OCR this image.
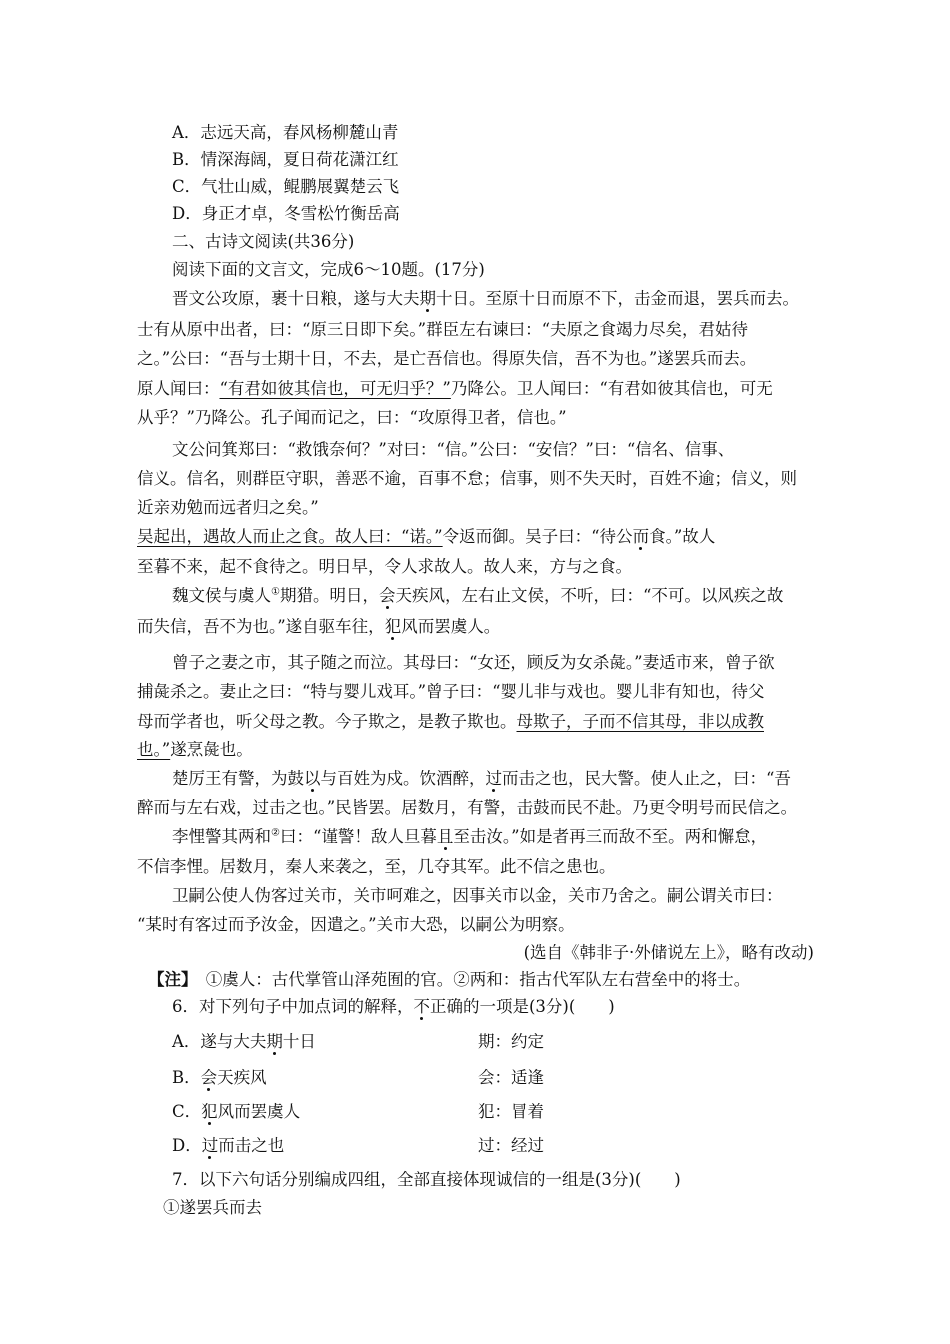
A．志远天高，春风杨柳麓山青
B．情深海阔，夏日荷花潇江红
C．气壮山威，鲲鹏展翼楚云飞
D．身正才卓，冬雪松竹衡岳高
二、古诗文阅读(共36分)
阅读下面的文言文，完成6～10题。(17分)
晋文公攻原，裹十日粮，遂与大夫期十日。至原十日而原不下，击金而退，罢兵而去。
士有从原中出者，曰：“原三日即下矣。”群臣左右谏曰：“夫原之食竭力尽矣，君姑待
之。”公曰：“吾与士期十日，不去，是亡吾信也。得原失信，吾不为也。”遂罢兵而去。
原人闻曰：“有君如彼其信也，可无归乎？”乃降公。卫人闻曰：“有君如彼其信也，可无
从乎？”乃降公。孔子闻而记之，曰：“攻原得卫者，信也。”
文公问箕郑曰：“救饿奈何？”对曰：“信。”公曰：“安信？”曰：“信名、信事、
信义。信名，则群臣守职，善恶不逾，百事不怠；信事，则不失天时，百姓不逾；信义，则
近亲劝勉而远者归之矣。”
吴起出，遇故人而止之食。故人曰：“诺。”令返而御。吴子曰：“待公而食。”故人
至暮不来，起不食待之。明日早，令人求故人。故人来，方与之食。
魏文侯与虞人①期猎。明日，会天疾风，左右止文侯，不听，曰：“不可。以风疾之故
而失信，吾不为也。”遂自驱车往，犯风而罢虞人。
曾子之妻之市，其子随之而泣。其母曰：“女还，顾反为女杀彘。”妻适市来，曾子欲
捕彘杀之。妻止之曰：“特与婴儿戏耳。”曾子曰：“婴儿非与戏也。婴儿非有知也，待父
母而学者也，听父母之教。今子欺之，是教子欺也。母欺子，子而不信其母，非以成教
也。”遂烹彘也。
楚厉王有警，为鼓以与百姓为戍。饮酒醉，过而击之也，民大警。使人止之，曰：“吾
醉而与左右戏，过击之也。”民皆罢。居数月，有警，击鼓而民不赴。乃更令明号而民信之。
李悝警其两和②曰：“谨警！敌人旦暮且至击汝。”如是者再三而敌不至。两和懈怠，
不信李悝。居数月，秦人来袭之，至，几夺其军。此不信之患也。
卫嗣公使人伪客过关市，关市呵难之，因事关市以金，关市乃舍之。嗣公谓关市曰：
“某时有客过而予汝金，因遣之。”关市大恐，以嗣公为明察。
(选自《韩非子·外储说左上》，略有改动)
【注】　 ①虞人：古代掌管山泽苑囿的官。②两和：指古代军队左右营垒中的将士。
6．对下列句子中加点词的解释，不正确的一项是(3分)(　　)
A．遂与大夫期十日	期：约定
B．会天疾风	会：适逢
C．犯风而罢虞人	犯：冒着
D．过而击之也	过：经过
7．以下六句话分别编成四组，全部直接体现诚信的一组是(3分)(　　)
①遂罢兵而去
